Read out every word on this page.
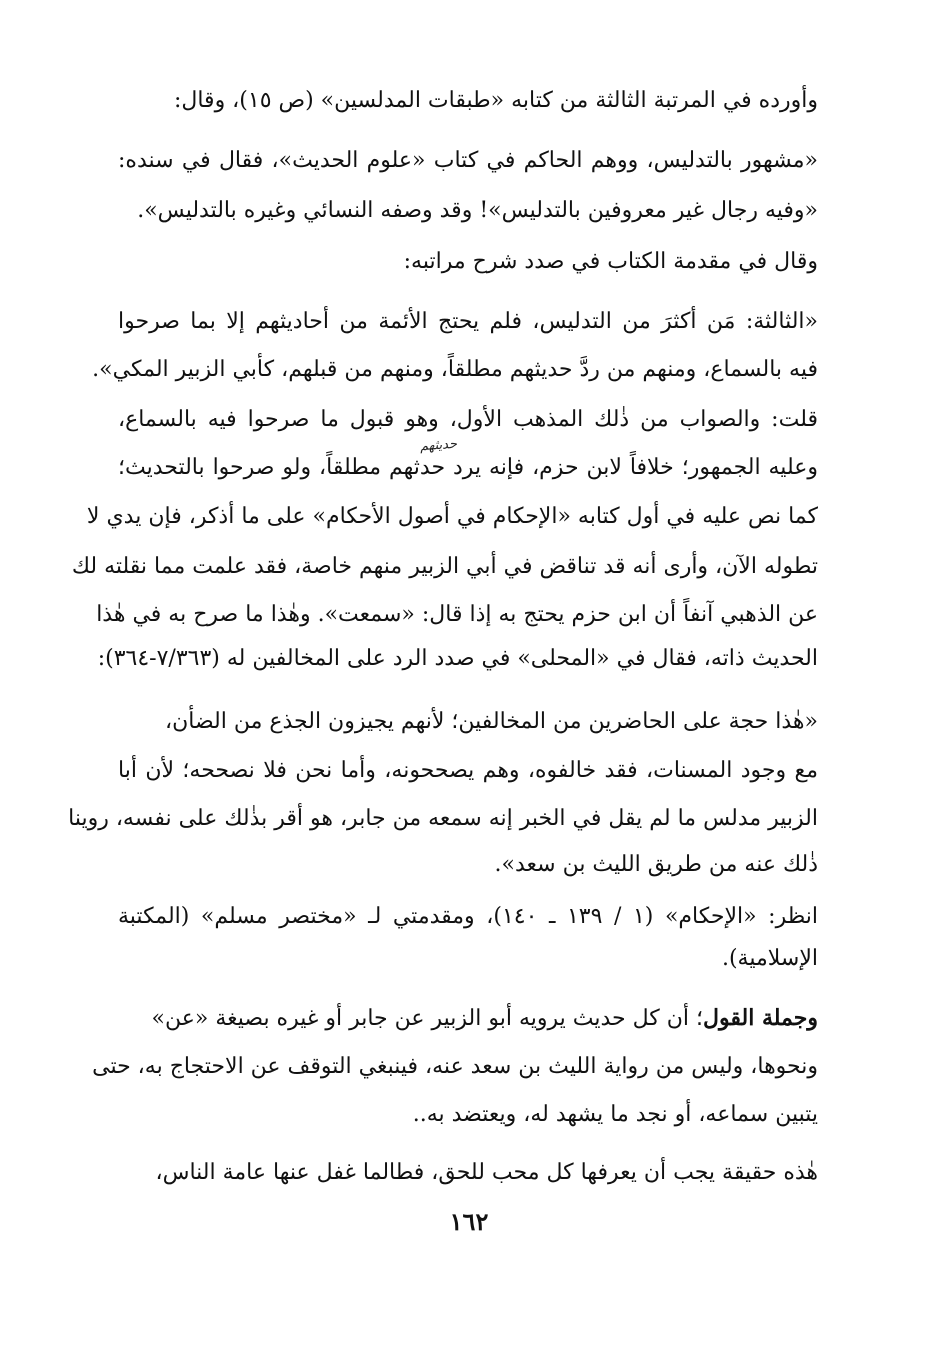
وأورده في المرتبة الثالثة من كتابه «طبقات المدلسين» (ص ١٥)، وقال:
«مشهور بالتدليس، ووهم الحاكم في كتاب «علوم الحديث»، فقال في سنده:
«وفيه رجال غير معروفين بالتدليس»! وقد وصفه النسائي وغيره بالتدليس».
وقال في مقدمة الكتاب في صدد شرح مراتبه:
«الثالثة: مَن أكثرَ من التدليس، فلم يحتج الأئمة من أحاديثهم إلا بما صرحوا
فيه بالسماع، ومنهم من ردَّ حديثهم مطلقاً، ومنهم من قبلهم، كأبي الزبير المكي».
قلت: والصواب من ذٰلك المذهب الأول، وهو قبول ما صرحوا فيه بالسماع،
وعليه الجمهور؛ خلافاً لابن حزم، فإنه يرد حدثهم مطلقاً، ولو صرحوا بالتحديث؛
كما نص عليه في أول كتابه «الإحكام في أصول الأحكام» على ما أذكر، فإن يدي لا
تطوله الآن، وأرى أنه قد تناقض في أبي الزبير منهم خاصة، فقد علمت مما نقلته لك
عن الذهبي آنفاً أن ابن حزم يحتج به إذا قال: «سمعت». وهٰذا ما صرح به في هٰذا
الحديث ذاته، فقال في «المحلى» في صدد الرد على المخالفين له (٧/٣٦٣-٣٦٤):
«هٰذا حجة على الحاضرين من المخالفين؛ لأنهم يجيزون الجذع من الضأن،
مع وجود المسنات، فقد خالفوه، وهم يصححونه، وأما نحن فلا نصححه؛ لأن أبا
الزبير مدلس ما لم يقل في الخبر إنه سمعه من جابر، هو أقر بذٰلك على نفسه، روينا
ذٰلك عنه من طريق الليث بن سعد».
انظر: «الإحكام» (١ / ١٣٩ ـ ١٤٠)، ومقدمتي لـ «مختصر مسلم» (المكتبة
الإسلامية).
وجملة القول؛ أن كل حديث يرويه أبو الزبير عن جابر أو غيره بصيغة «عن»
ونحوها، وليس من رواية الليث بن سعد عنه، فينبغي التوقف عن الاحتجاج به، حتى
يتبين سماعه، أو نجد ما يشهد له، ويعتضد به..
هٰذه حقيقة يجب أن يعرفها كل محب للحق، فطالما غفل عنها عامة الناس،
حديثهم
١٦٢
